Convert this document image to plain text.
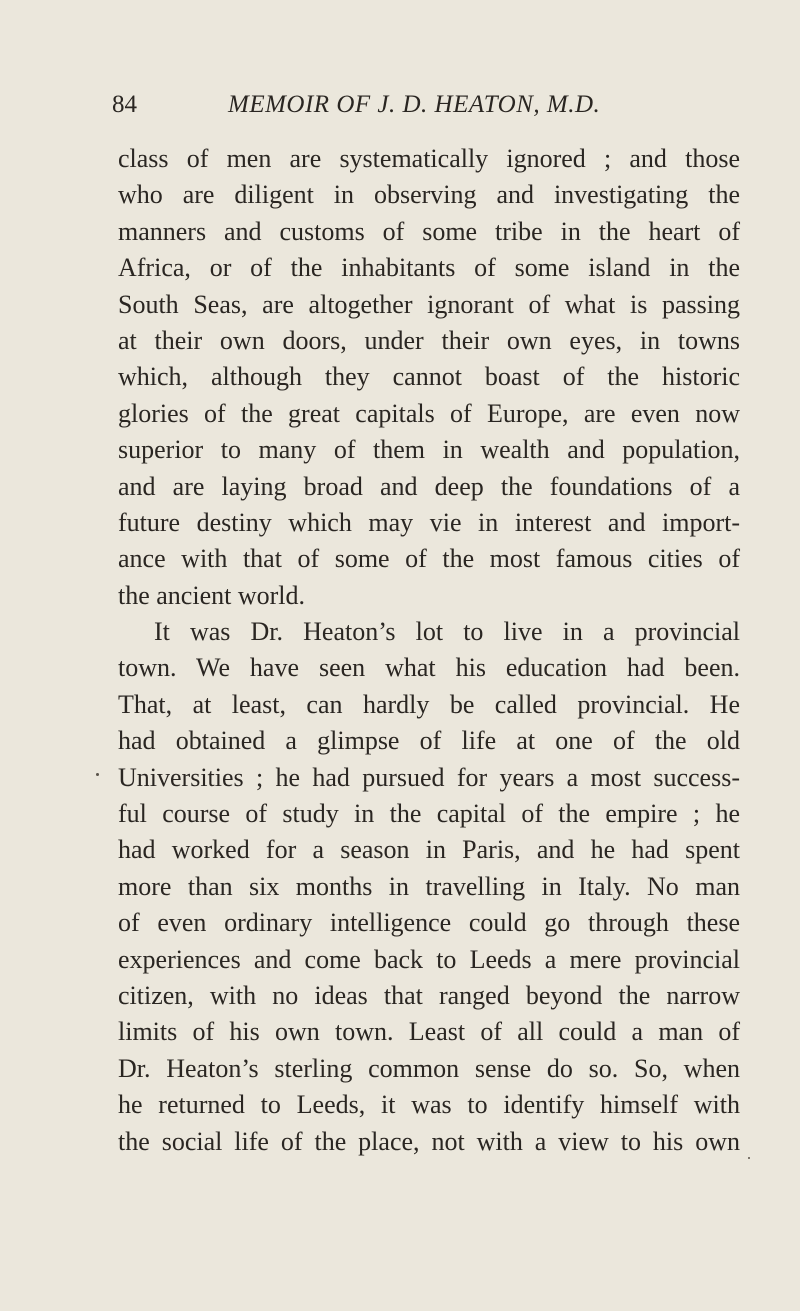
84	MEMOIR OF J. D. HEATON, M.D.
class of men are systematically ignored ; and those
who are diligent in observing and investigating the
manners and customs of some tribe in the heart of
Africa, or of the inhabitants of some island in the
South Seas, are altogether ignorant of what is passing
at their own doors, under their own eyes, in towns
which, although they cannot boast of the historic
glories of the great capitals of Europe, are even now
superior to many of them in wealth and population,
and are laying broad and deep the foundations of a
future destiny which may vie in interest and import-
ance with that of some of the most famous cities of
the ancient world.
It was Dr. Heaton’s lot to live in a provincial
town. We have seen what his education had been.
That, at least, can hardly be called provincial. He
had obtained a glimpse of life at one of the old
Universities ; he had pursued for years a most success-
ful course of study in the capital of the empire ; he
had worked for a season in Paris, and he had spent
more than six months in travelling in Italy. No man
of even ordinary intelligence could go through these
experiences and come back to Leeds a mere provincial
citizen, with no ideas that ranged beyond the narrow
limits of his own town. Least of all could a man of
Dr. Heaton’s sterling common sense do so. So, when
he returned to Leeds, it was to identify himself with
the social life of the place, not with a view to his own
